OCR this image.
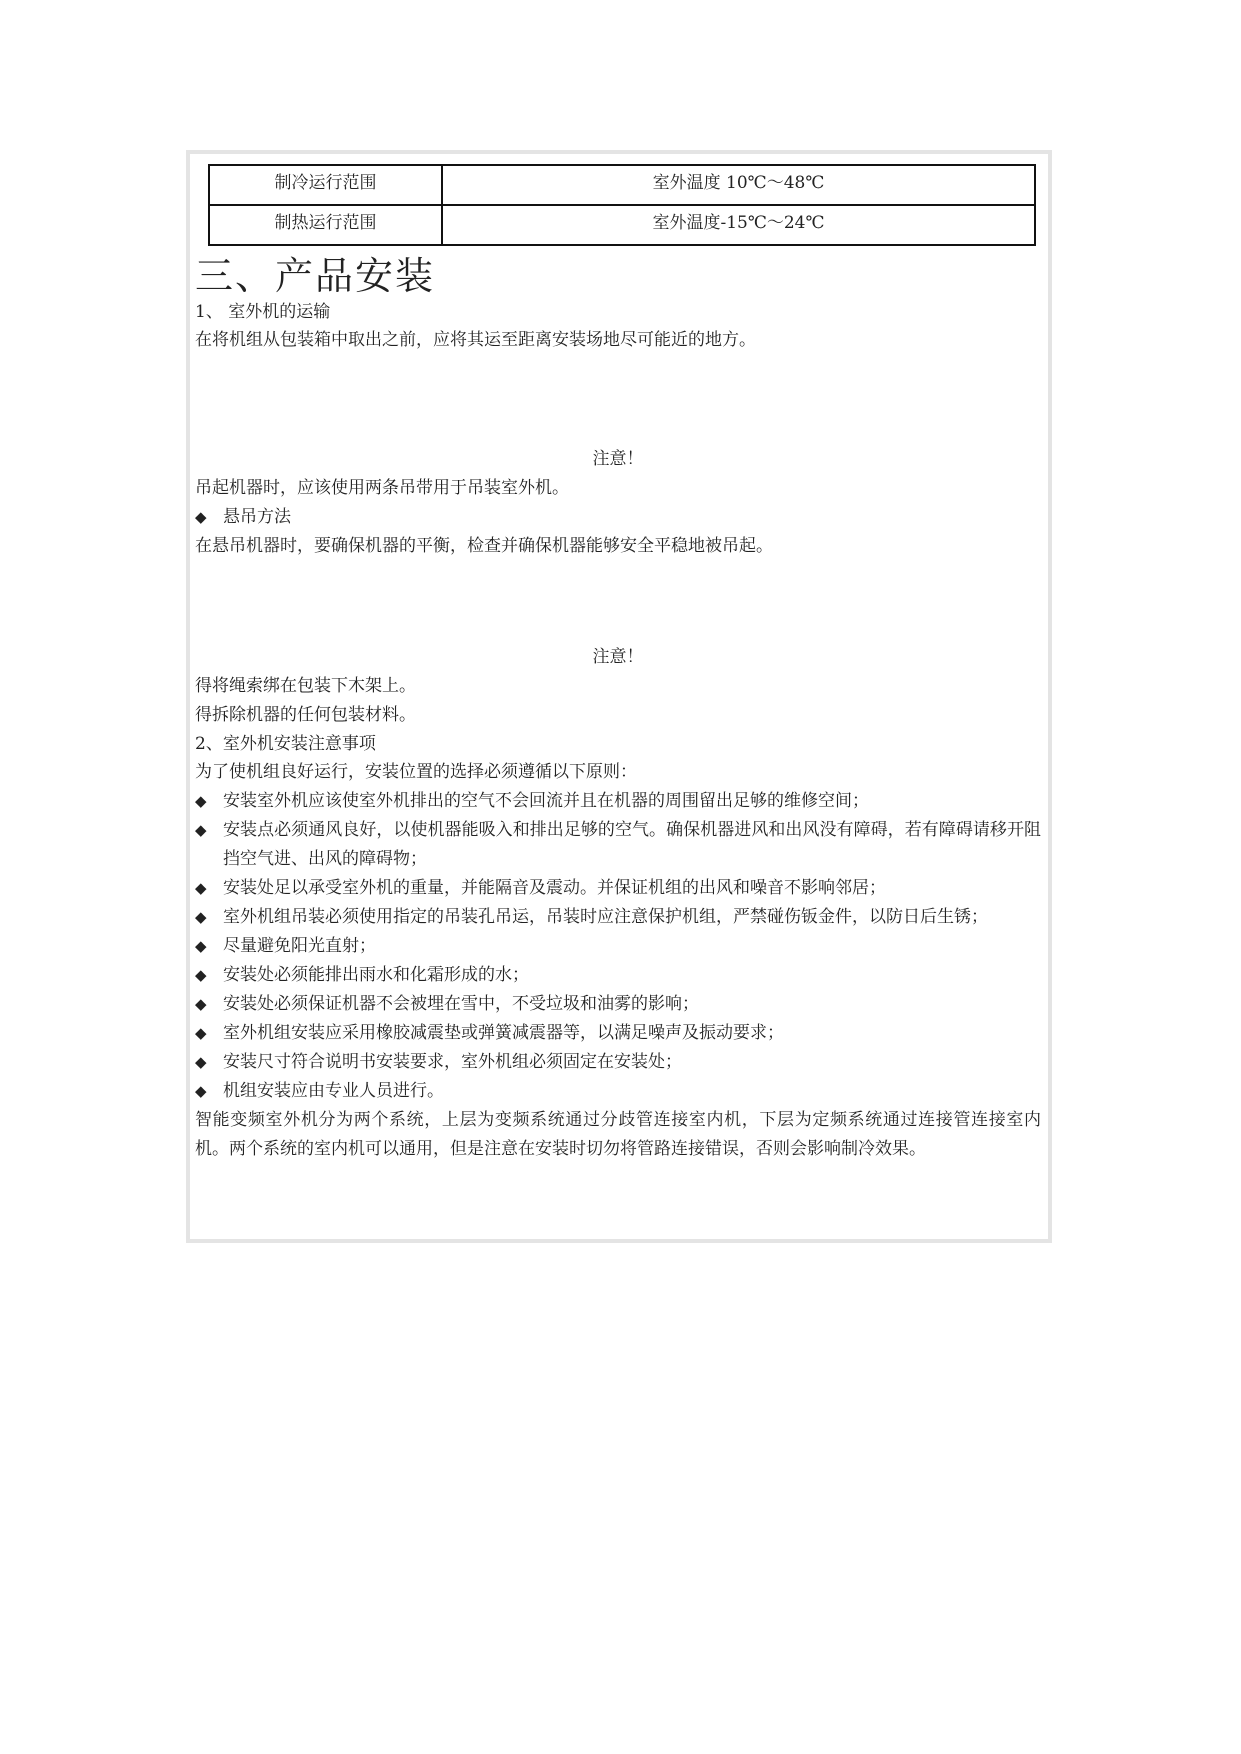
制冷运行范围	室外温度 10℃～48℃
制热运行范围	室外温度-15℃～24℃

三、产品安装

1、 室外机的运输

在将机组从包装箱中取出之前，应将其运至距离安装场地尽可能近的地方。

注意！

吊起机器时，应该使用两条吊带用于吊装室外机。

◆ 悬吊方法

在悬吊机器时，要确保机器的平衡，检查并确保机器能够安全平稳地被吊起。

注意！

得将绳索绑在包装下木架上。

得拆除机器的任何包装材料。

2、室外机安装注意事项

为了使机组良好运行，安装位置的选择必须遵循以下原则：

◆ 安装室外机应该使室外机排出的空气不会回流并且在机器的周围留出足够的维修空间；
◆ 安装点必须通风良好，以使机器能吸入和排出足够的空气。确保机器进风和出风没有障碍，若有障碍请移开阻挡空气进、出风的障碍物；
◆ 安装处足以承受室外机的重量，并能隔音及震动。并保证机组的出风和噪音不影响邻居；
◆ 室外机组吊装必须使用指定的吊装孔吊运，吊装时应注意保护机组，严禁碰伤钣金件，以防日后生锈；
◆ 尽量避免阳光直射；
◆ 安装处必须能排出雨水和化霜形成的水；
◆ 安装处必须保证机器不会被埋在雪中，不受垃圾和油雾的影响；
◆ 室外机组安装应采用橡胶减震垫或弹簧减震器等，以满足噪声及振动要求；
◆ 安装尺寸符合说明书安装要求，室外机组必须固定在安装处；
◆ 机组安装应由专业人员进行。

智能变频室外机分为两个系统，上层为变频系统通过分歧管连接室内机，下层为定频系统通过连接管连接室内机。两个系统的室内机可以通用，但是注意在安装时切勿将管路连接错误，否则会影响制冷效果。
